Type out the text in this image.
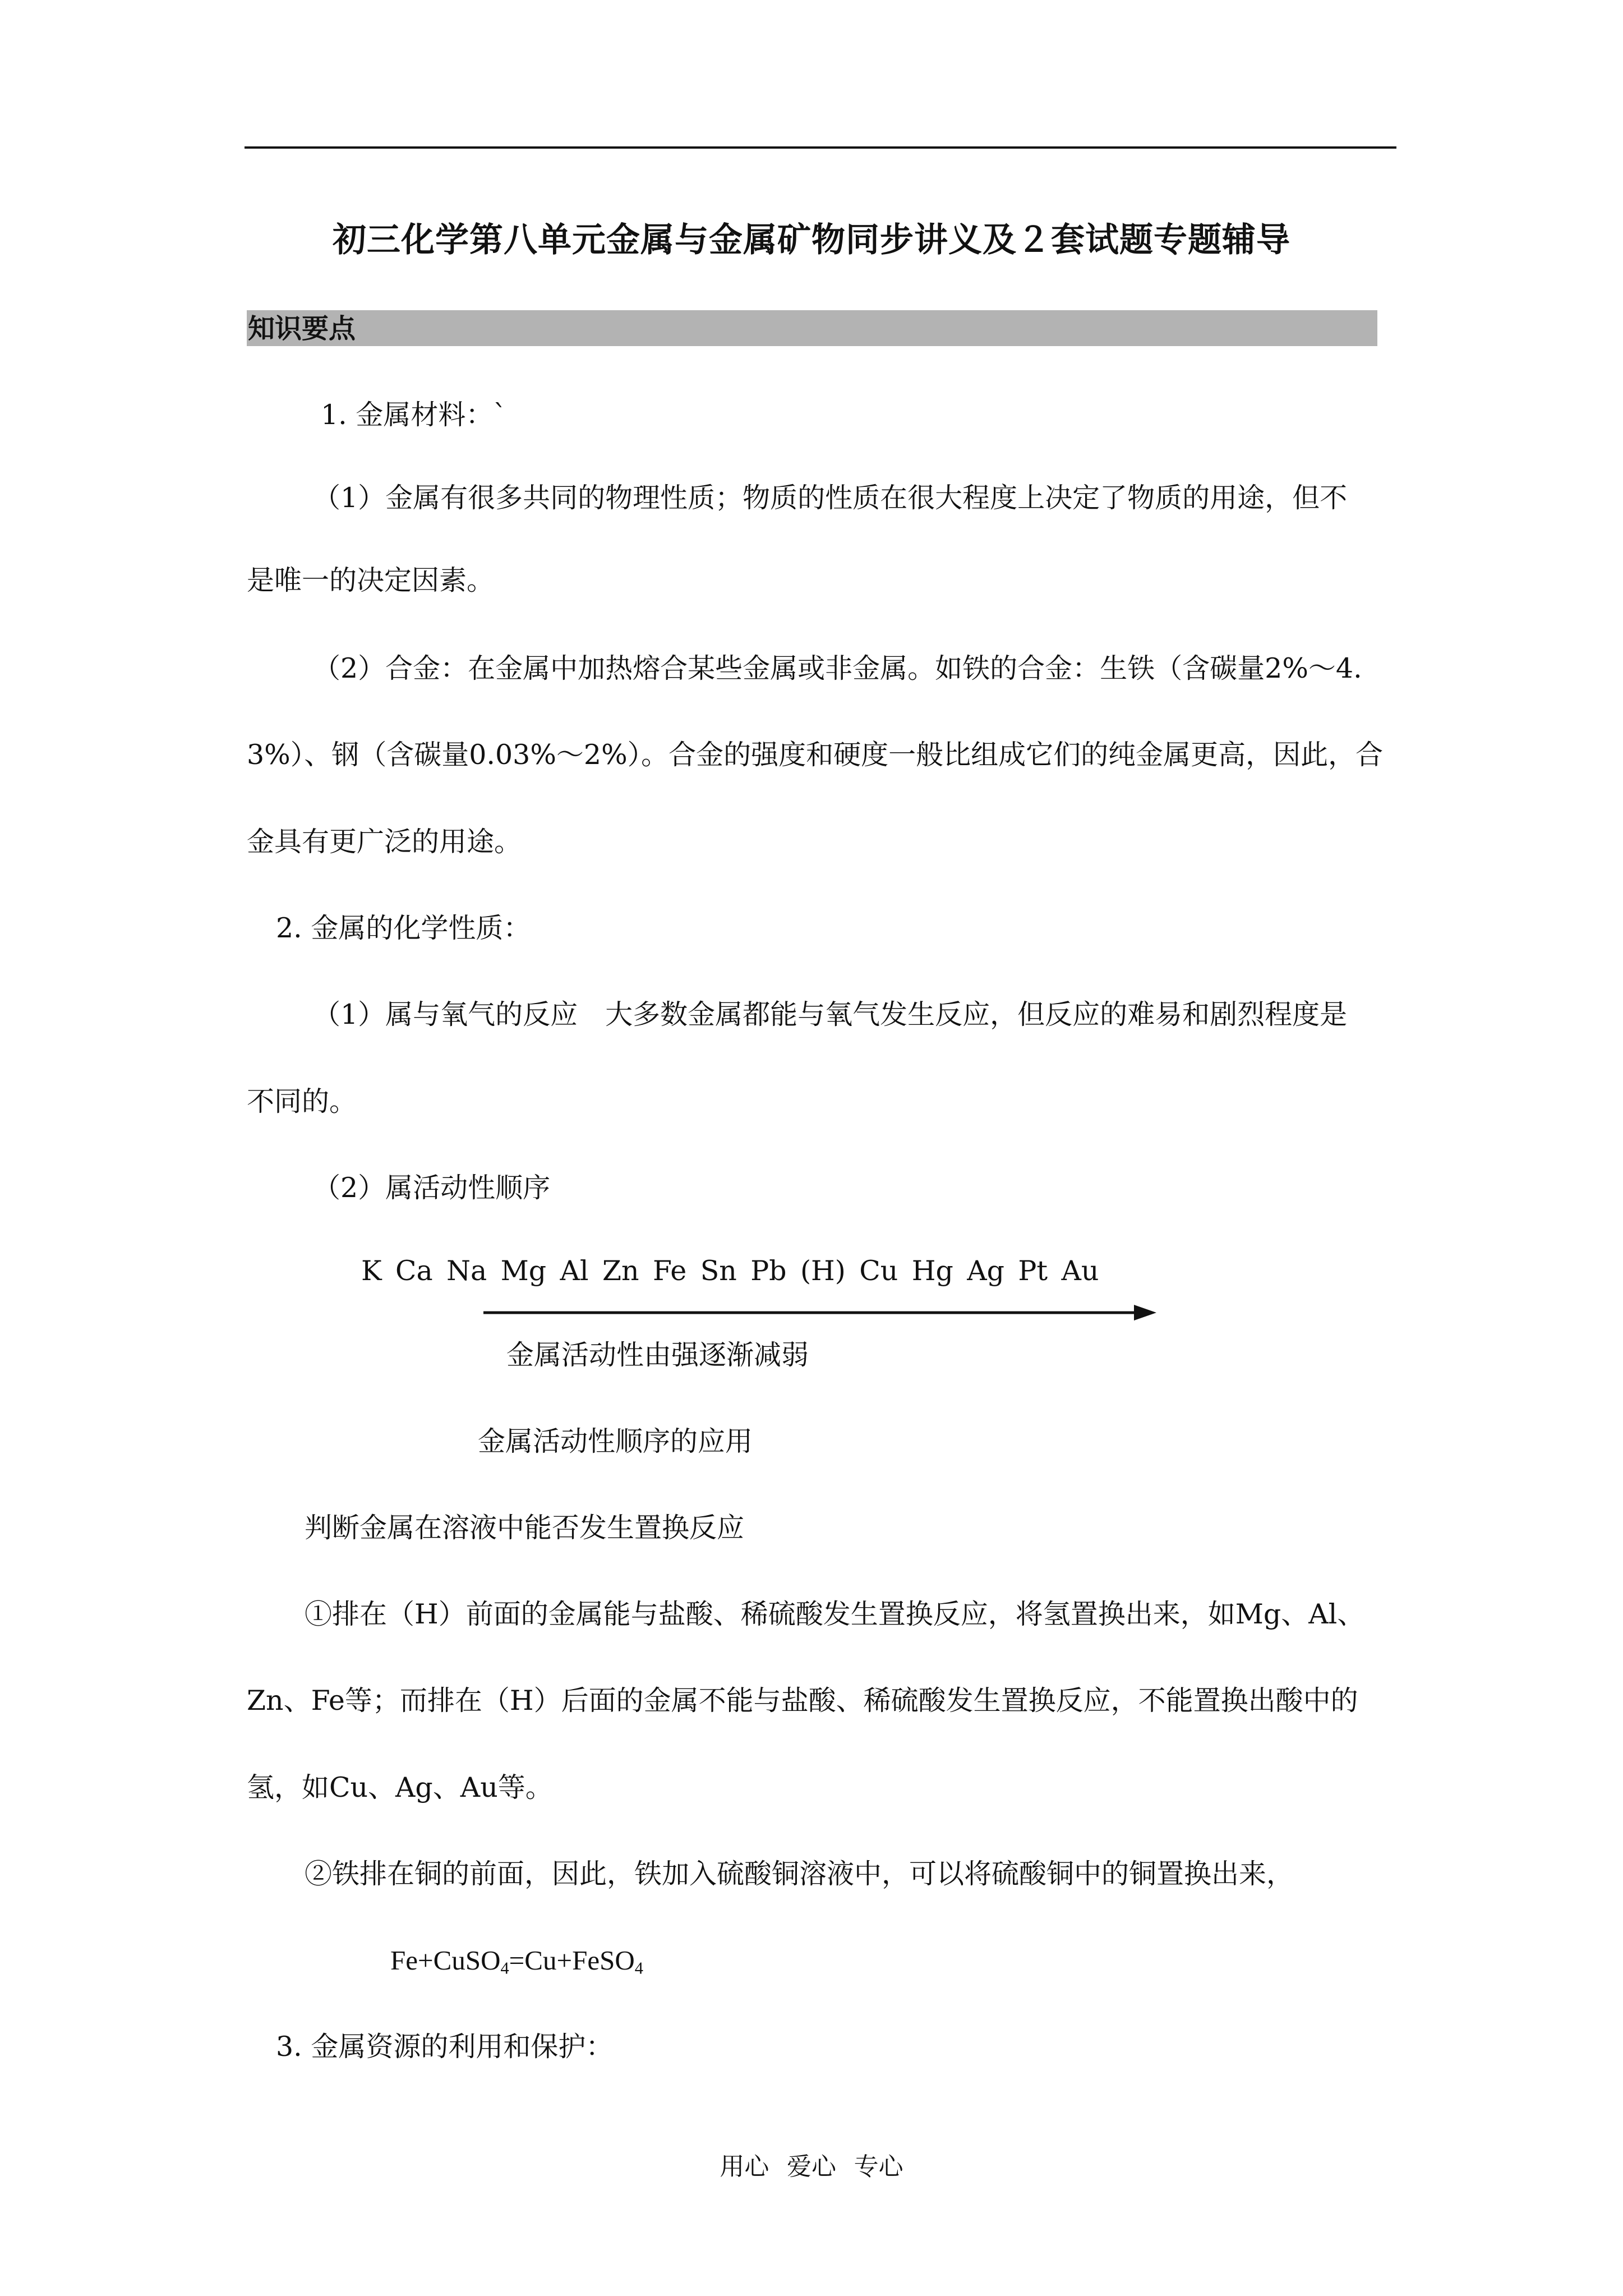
初三化学第八单元金属与金属矿物同步讲义及２套试题专题辅导
知识要点
1. 金属材料：`
（1）金属有很多共同的物理性质；物质的性质在很大程度上决定了物质的用途，但不
是唯一的决定因素。
（2）合金：在金属中加热熔合某些金属或非金属。如铁的合金：生铁（含碳量2%～4.
3%）、钢（含碳量0.03%～2%）。合金的强度和硬度一般比组成它们的纯金属更高，因此，合
金具有更广泛的用途。
2. 金属的化学性质：
（1）属与氧气的反应　大多数金属都能与氧气发生反应，但反应的难易和剧烈程度是
不同的。
（2）属活动性顺序
K Ca Na Mg Al Zn Fe Sn Pb (H) Cu Hg Ag Pt Au
金属活动性由强逐渐减弱
金属活动性顺序的应用
判断金属在溶液中能否发生置换反应
①排在（H）前面的金属能与盐酸、稀硫酸发生置换反应，将氢置换出来，如Mg、Al、
Zn、Fe等；而排在（H）后面的金属不能与盐酸、稀硫酸发生置换反应，不能置换出酸中的
氢，如Cu、Ag、Au等。
②铁排在铜的前面，因此，铁加入硫酸铜溶液中，可以将硫酸铜中的铜置换出来，
Fe+CuSO$_4$=Cu+FeSO$_4$
3. 金属资源的利用和保护：
用心 爱心 专心
